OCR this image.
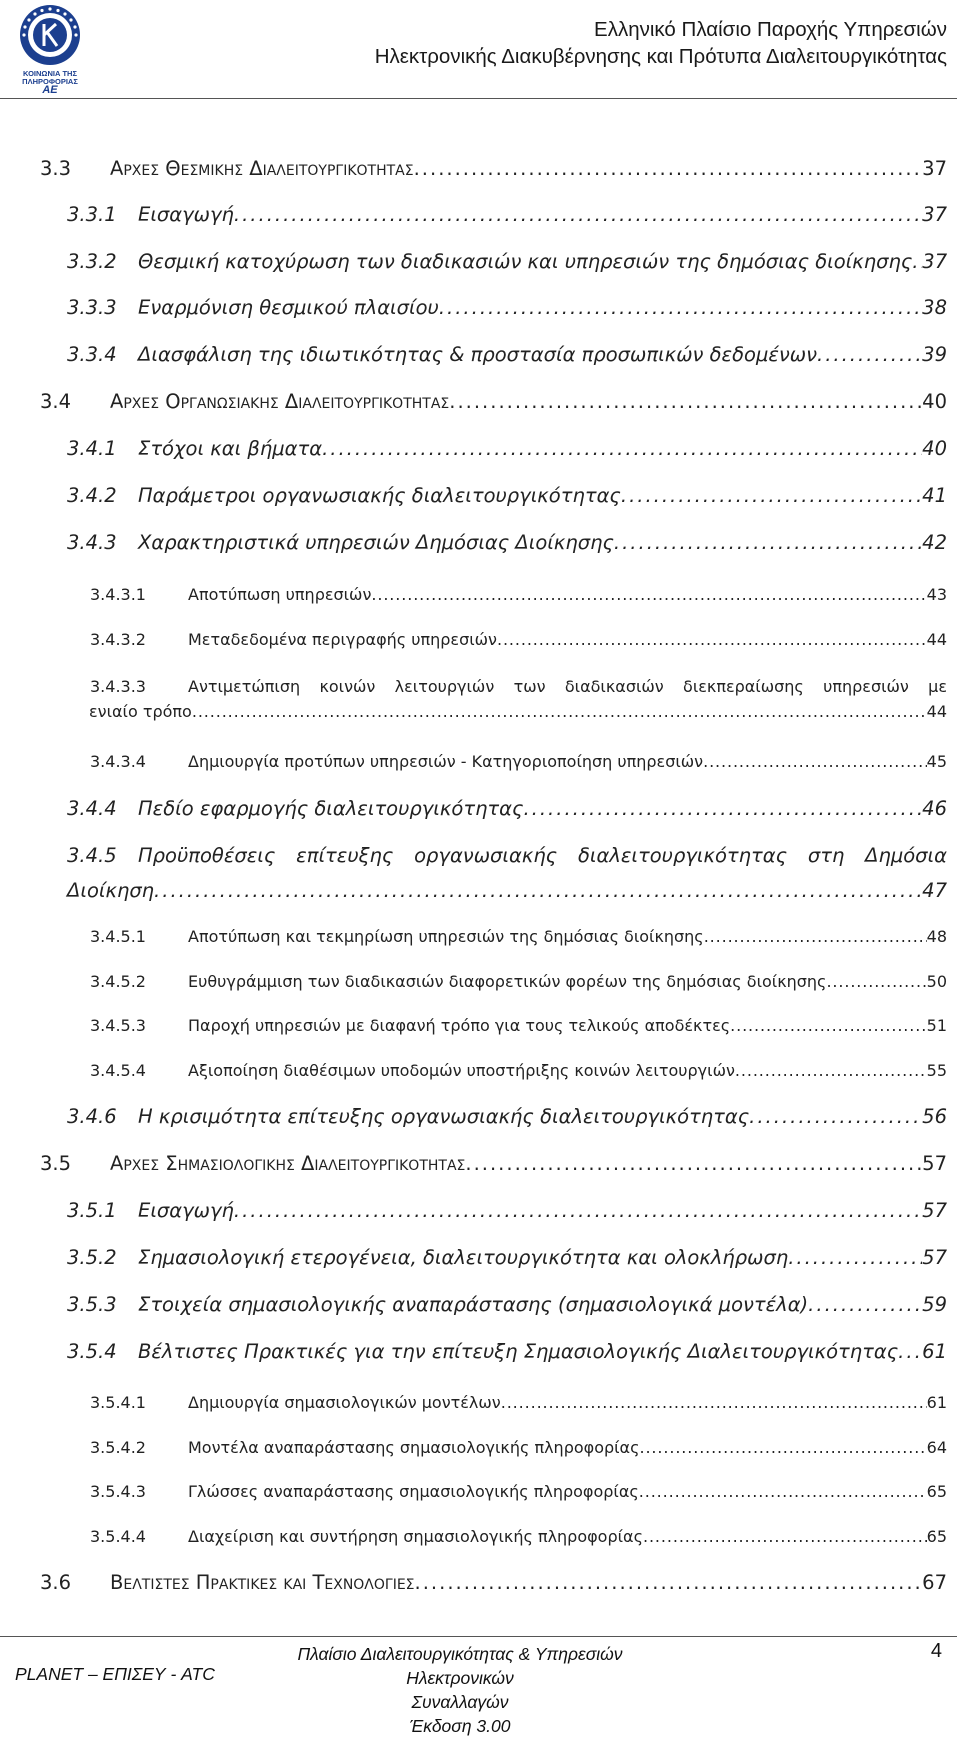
ΚΟΙΝΩΝΙΑ ΤΗΣ
ΠΛΗΡΟΦΟΡΙΑΣ ΑΕ
Ελληνικό Πλαίσιο Παροχής Υπηρεσιών
Ηλεκτρονικής Διακυβέρνησης και Πρότυπα Διαλειτουργικότητας
3.3	Αρχες Θεσμικης Διαλειτουργικοτητας . . .	37
3.3.1	Εισαγωγή . . .	37
3.3.2	Θεσμική κατοχύρωση των διαδικασιών και υπηρεσιών της δημόσιας διοίκησης . . . 37
3.3.3	Εναρμόνιση θεσμικού πλαισίου . . .	38
3.3.4	Διασφάλιση της ιδιωτικότητας & προστασία προσωπικών δεδομένων . . .	39
3.4	Αρχες Οργανωσιακης Διαλειτουργικοτητας . . .	40
3.4.1	Στόχοι και βήματα . . .	40
3.4.2	Παράμετροι οργανωσιακής διαλειτουργικότητας . . .	41
3.4.3	Χαρακτηριστικά υπηρεσιών Δημόσιας Διοίκησης . . .	42
3.4.3.1	Αποτύπωση υπηρεσιών . . .	43
3.4.3.2	Μεταδεδομένα περιγραφής υπηρεσιών . . .	44
3.4.3.3	Αντιμετώπιση κοινών λειτουργιών των διαδικασιών διεκπεραίωσης υπηρεσιών με
ενιαίο τρόπο . . .	44
3.4.3.4	Δημιουργία προτύπων υπηρεσιών - Κατηγοριοποίηση υπηρεσιών . . .	45
3.4.4	Πεδίο εφαρμογής διαλειτουργικότητας . . .	46
3.4.5	Προϋποθέσεις επίτευξης οργανωσιακής διαλειτουργικότητας στη Δημόσια
Διοίκηση . . .	47
3.4.5.1	Αποτύπωση και τεκμηρίωση υπηρεσιών της δημόσιας διοίκησης . . .	48
3.4.5.2	Ευθυγράμμιση των διαδικασιών διαφορετικών φορέων της δημόσιας διοίκησης . . .	50
3.4.5.3	Παροχή υπηρεσιών με διαφανή τρόπο για τους τελικούς αποδέκτες . . .	51
3.4.5.4	Αξιοποίηση διαθέσιμων υποδομών υποστήριξης κοινών λειτουργιών . . .	55
3.4.6	Η κρισιμότητα επίτευξης οργανωσιακής διαλειτουργικότητας . . .	56
3.5	Αρχες Σημασιολογικης Διαλειτουργικοτητας . . .	57
3.5.1	Εισαγωγή . . .	57
3.5.2	Σημασιολογική ετερογένεια, διαλειτουργικότητα και ολοκλήρωση . . .	57
3.5.3	Στοιχεία σημασιολογικής αναπαράστασης (σημασιολογικά μοντέλα) . . .	59
3.5.4	Βέλτιστες Πρακτικές για την επίτευξη Σημασιολογικής Διαλειτουργικότητας . . . 61
3.5.4.1	Δημιουργία σημασιολογικών μοντέλων . . .	61
3.5.4.2	Μοντέλα αναπαράστασης σημασιολογικής πληροφορίας . . .	64
3.5.4.3	Γλώσσες αναπαράστασης σημασιολογικής πληροφορίας . . .	65
3.5.4.4	Διαχείριση και συντήρηση σημασιολογικής πληροφορίας . . .	65
3.6	Βελτιστες Πρακτικες και Τεχνολογιες . . .	67
PLANET – ΕΠΙΣΕΥ - ATC
Πλαίσιο Διαλειτουργικότητας & Υπηρεσιών Ηλεκτρονικών
Συναλλαγών
Έκδοση 3.00
4
